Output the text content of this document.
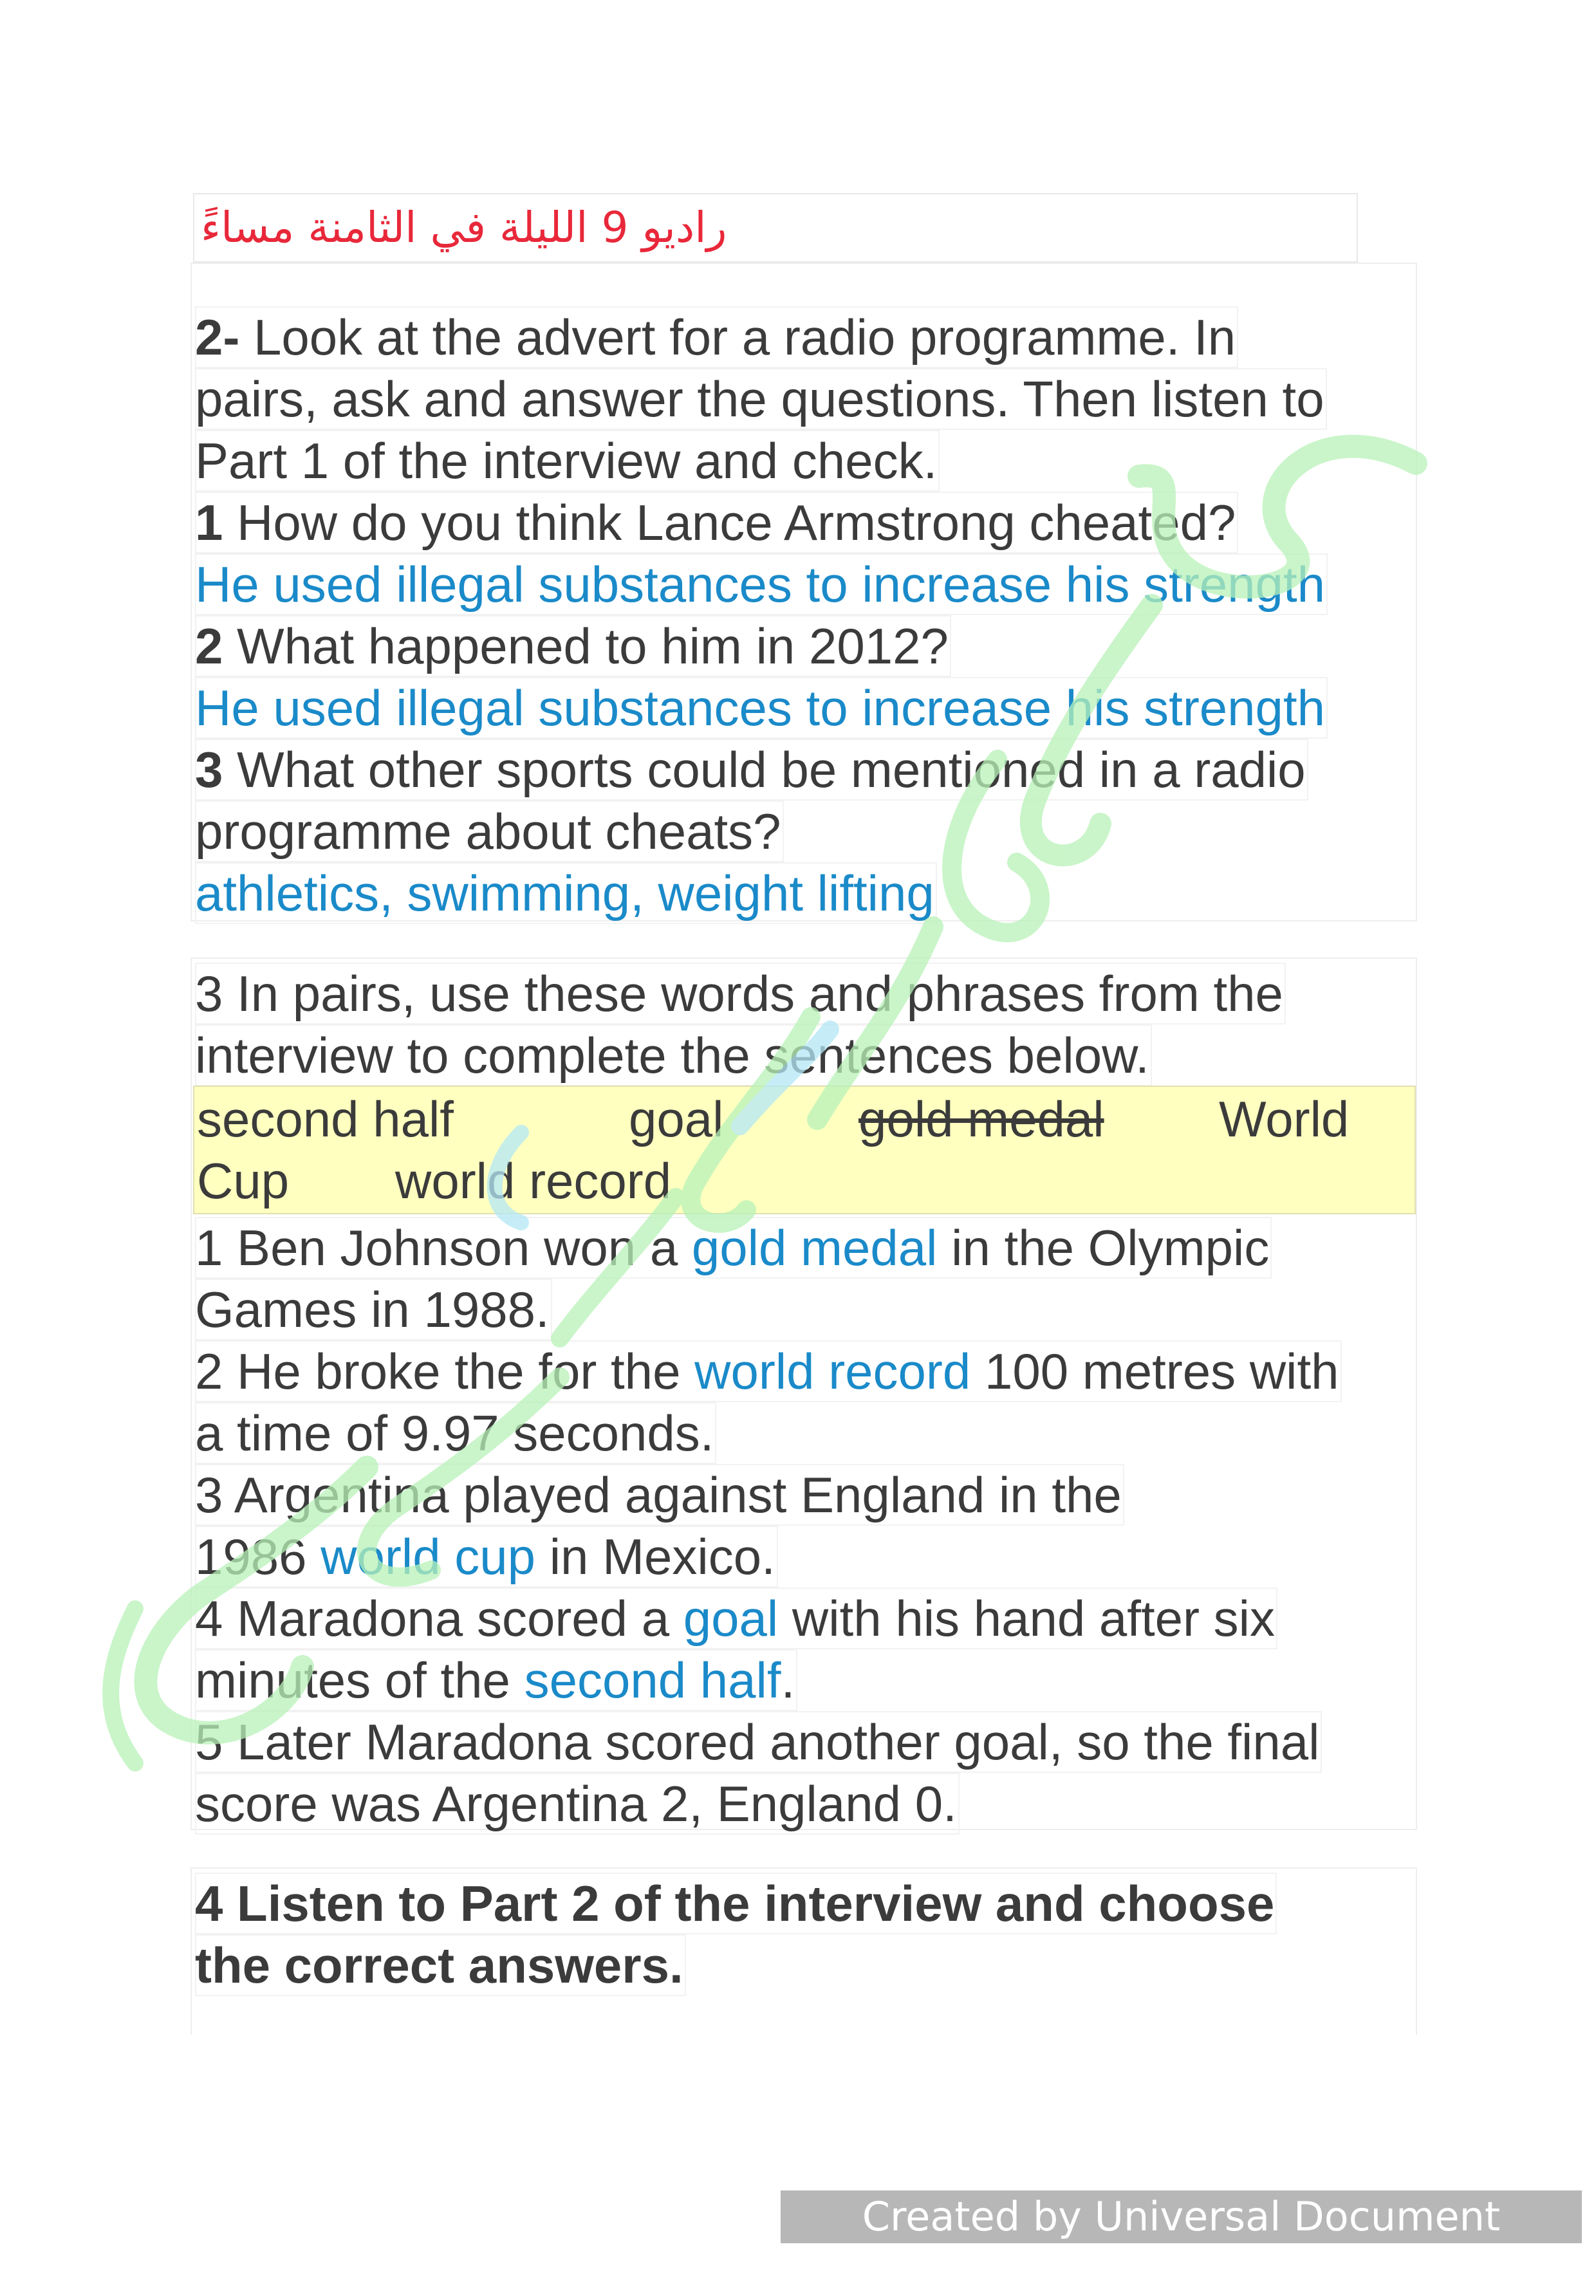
راديو 9 الليلة في الثامنة مساءً
2- Look at the advert for a radio programme. In
pairs, ask and answer the questions. Then listen to
Part 1 of the interview and check.
1 How do you think Lance Armstrong cheated?
He used illegal substances to increase his strength
2 What happened to him in 2012?
He used illegal substances to increase his strength
3 What other sports could be mentioned in a radio
programme about cheats?
athletics, swimming, weight lifting
3 In pairs, use these words and phrases from the
interview to complete the sentences below.
second half	goal	gold medal World
Cup world record
1 Ben Johnson won a gold medal in the Olympic
Games in 1988.
2 He broke the for the world record 100 metres with
a time of 9.97 seconds.
3 Argentina played against England in the
1986 world cup in Mexico.
4 Maradona scored a goal with his hand after six
minutes of the second half.
5 Later Maradona scored another goal, so the final
score was Argentina 2, England 0.
4 Listen to Part 2 of the interview and choose
the correct answers.
Created by Universal Document Converter
